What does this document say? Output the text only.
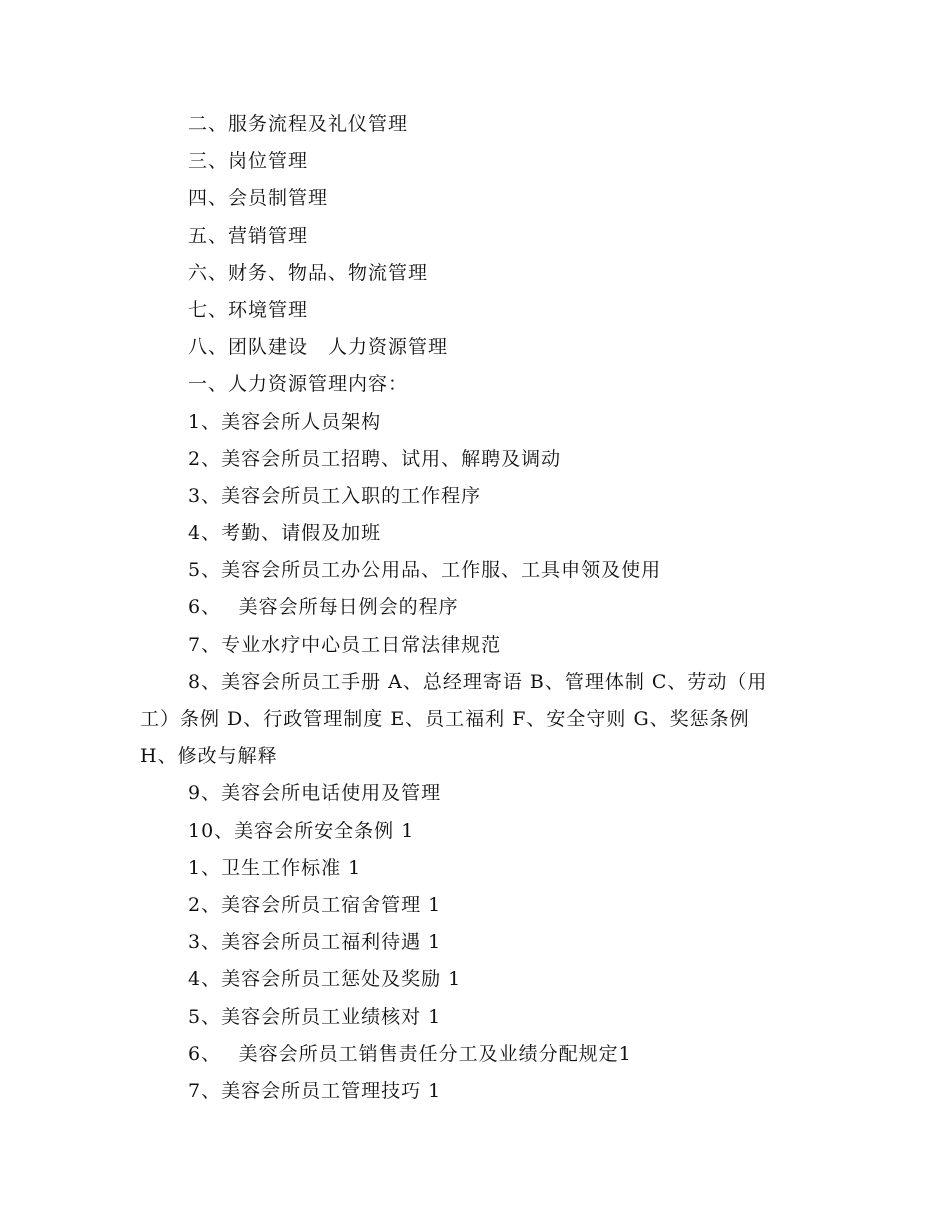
二、服务流程及礼仪管理
三、岗位管理
四、会员制管理
五、营销管理
六、财务、物品、物流管理
七、环境管理
八、团队建设　人力资源管理
一、人力资源管理内容：
1、美容会所人员架构
2、美容会所员工招聘、试用、解聘及调动
3、美容会所员工入职的工作程序
4、考勤、请假及加班
5、美容会所员工办公用品、工作服、工具申领及使用
6、　 美容会所每日例会的程序
7、专业水疗中心员工日常法律规范
8、美容会所员工手册 A、总经理寄语 B、管理体制 C、劳动（用
工）条例 D、行政管理制度 E、员工福利 F、安全守则 G、奖惩条例
H、修改与解释
9、美容会所电话使用及管理
10、美容会所安全条例 1
1、卫生工作标准 1
2、美容会所员工宿舍管理 1
3、美容会所员工福利待遇 1
4、美容会所员工惩处及奖励 1
5、美容会所员工业绩核对 1
6、　 美容会所员工销售责任分工及业绩分配规定1
7、美容会所员工管理技巧 1
